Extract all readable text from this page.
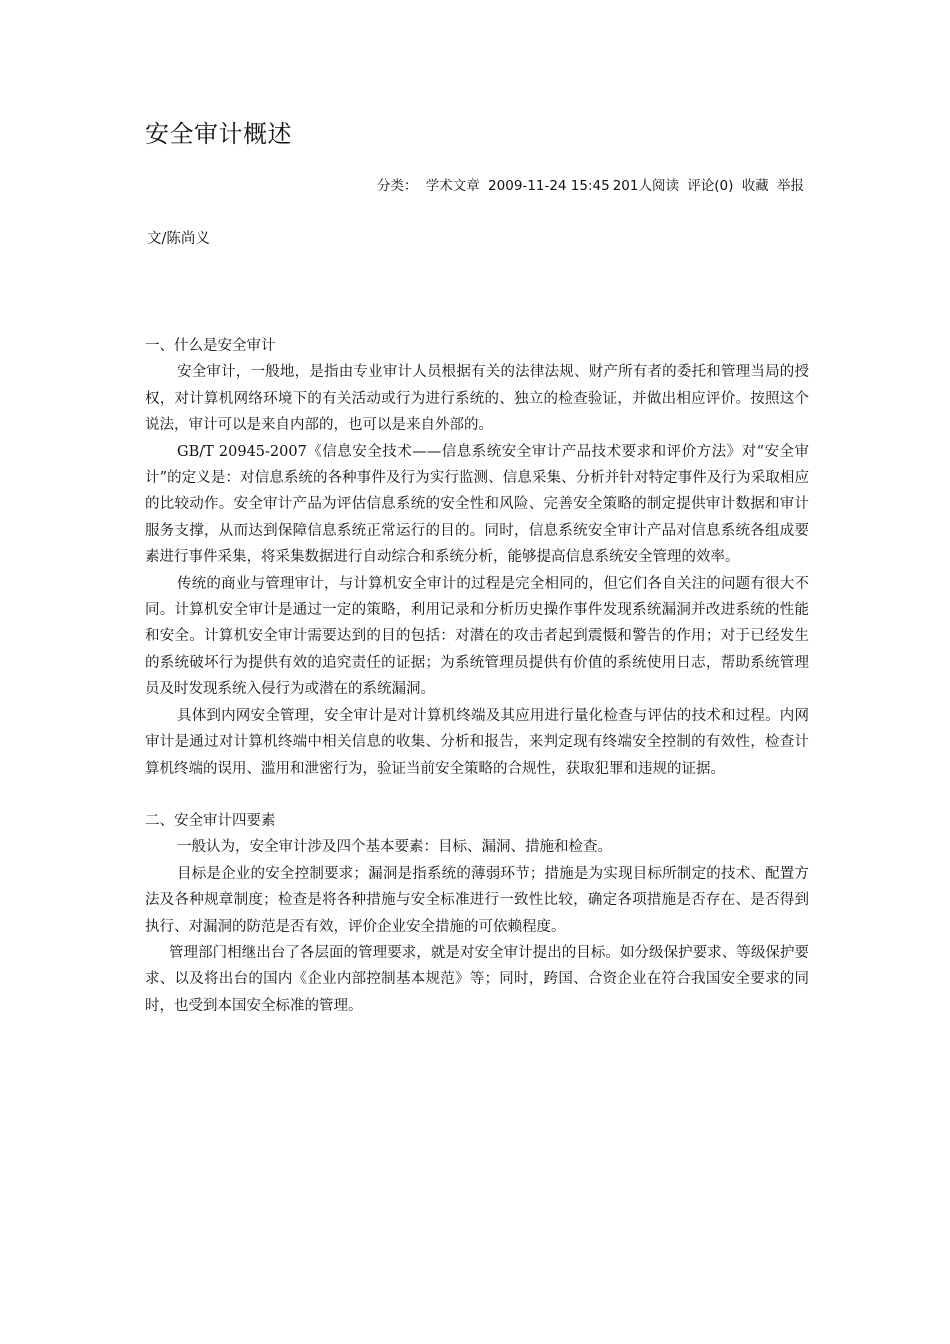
安全审计概述
分类： 学术文章 2009-11-24 15:45 201人阅读 评论(0) 收藏 举报
文/陈尚义

一、什么是安全审计

安全审计，一般地，是指由专业审计人员根据有关的法律法规、财产所有者的委托和管理当局的授权，对计算机网络环境下的有关活动或行为进行系统的、独立的检查验证，并做出相应评价。按照这个说法，审计可以是来自内部的，也可以是来自外部的。

GB/T 20945-2007《信息安全技术——信息系统安全审计产品技术要求和评价方法》对“安全审计”的定义是：对信息系统的各种事件及行为实行监测、信息采集、分析并针对特定事件及行为采取相应的比较动作。安全审计产品为评估信息系统的安全性和风险、完善安全策略的制定提供审计数据和审计服务支撑，从而达到保障信息系统正常运行的目的。同时，信息系统安全审计产品对信息系统各组成要素进行事件采集，将采集数据进行自动综合和系统分析，能够提高信息系统安全管理的效率。

传统的商业与管理审计，与计算机安全审计的过程是完全相同的，但它们各自关注的问题有很大不同。计算机安全审计是通过一定的策略，利用记录和分析历史操作事件发现系统漏洞并改进系统的性能和安全。计算机安全审计需要达到的目的包括：对潜在的攻击者起到震慑和警告的作用；对于已经发生的系统破坏行为提供有效的追究责任的证据；为系统管理员提供有价值的系统使用日志，帮助系统管理员及时发现系统入侵行为或潜在的系统漏洞。

具体到内网安全管理，安全审计是对计算机终端及其应用进行量化检查与评估的技术和过程。内网审计是通过对计算机终端中相关信息的收集、分析和报告，来判定现有终端安全控制的有效性，检查计算机终端的误用、滥用和泄密行为，验证当前安全策略的合规性，获取犯罪和违规的证据。

二、安全审计四要素

一般认为，安全审计涉及四个基本要素：目标、漏洞、措施和检查。

目标是企业的安全控制要求；漏洞是指系统的薄弱环节；措施是为实现目标所制定的技术、配置方法及各种规章制度；检查是将各种措施与安全标准进行一致性比较，确定各项措施是否存在、是否得到执行、对漏洞的防范是否有效，评价企业安全措施的可依赖程度。

管理部门相继出台了各层面的管理要求，就是对安全审计提出的目标。如分级保护要求、等级保护要求、以及将出台的国内《企业内部控制基本规范》等；同时，跨国、合资企业在符合我国安全要求的同时，也受到本国安全标准的管理。
